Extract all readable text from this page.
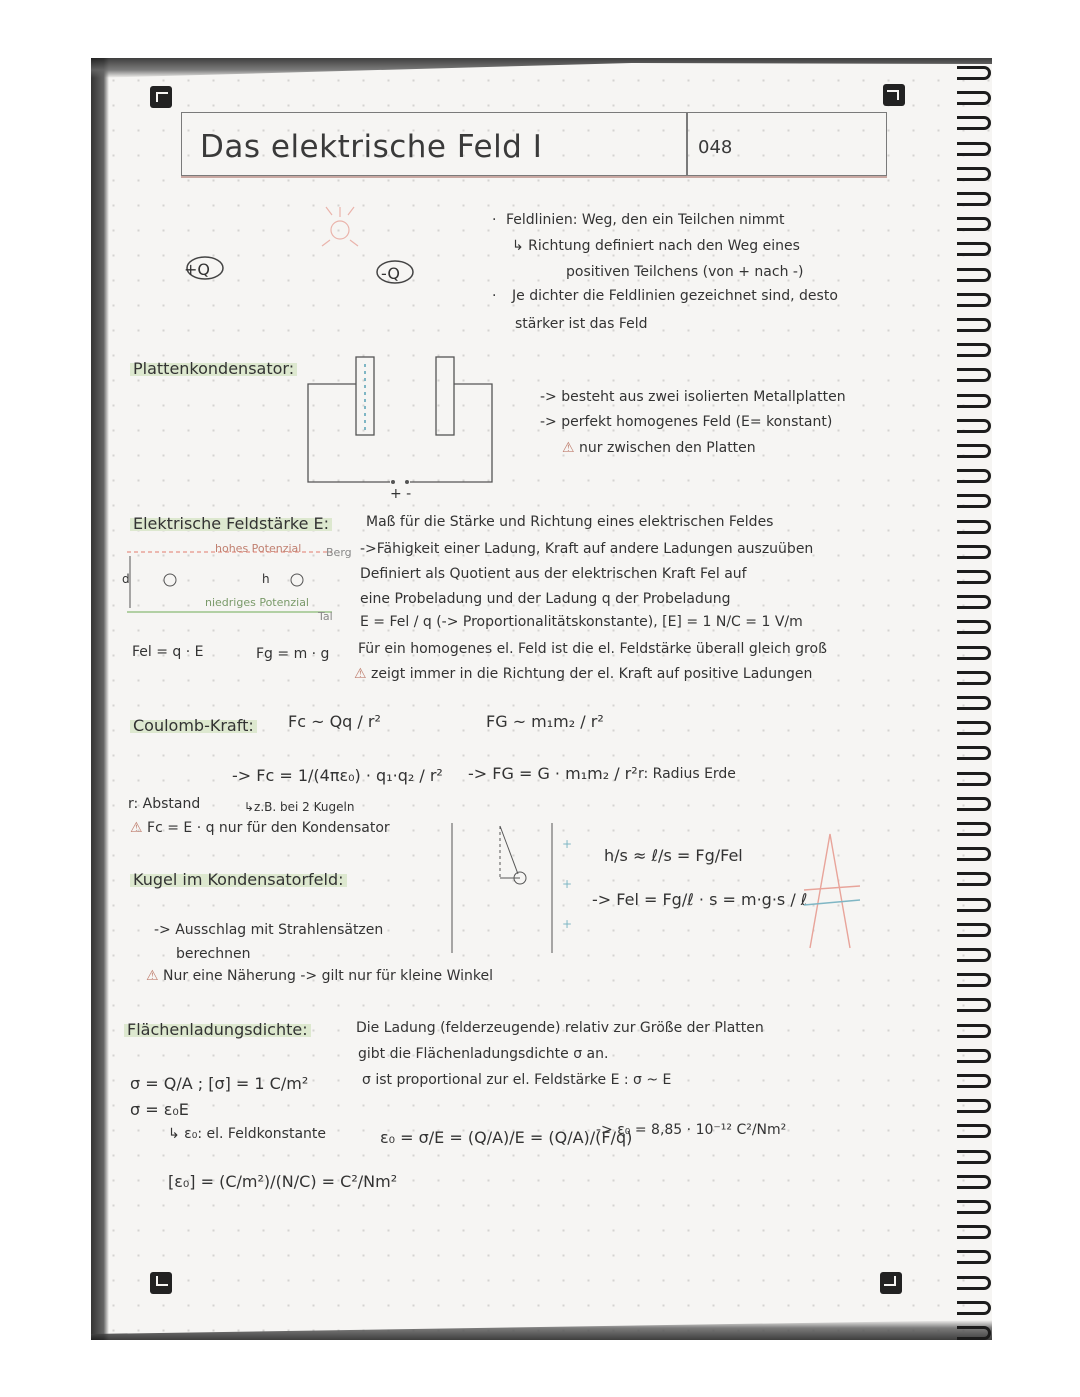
Das elektrische Feld I	048
+Q	-Q
· Feldlinien: Weg, den ein Teilchen nimmt
↳ Richtung definiert nach den Weg eines
positiven Teilchens (von + nach -)
· Je dichter die Feldlinien gezeichnet sind, desto
stärker ist das Feld
Plattenkondensator:
+ -
-> besteht aus zwei isolierten Metallplatten
-> perfekt homogenes Feld (E= konstant)
⚠ nur zwischen den Platten
Elektrische Feldstärke E:	Maß für die Stärke und Richtung eines elektrischen Feldes
->Fähigkeit einer Ladung, Kraft auf andere Ladungen auszuüben
Definiert als Quotient aus der elektrischen Kraft Fel auf
eine Probeladung und der Ladung q der Probeladung
E = Fel / q (-> Proportionalitätskonstante), [E] = 1 N/C = 1 V/m
Für ein homogenes el. Feld ist die el. Feldstärke überall gleich groß
⚠ zeigt immer in die Richtung der el. Kraft auf positive Ladungen
hohes Potenzial
niedriges Potenzial
Berg
Tal
d	h
Fel = q · E	Fg = m · g
Coulomb-Kraft: Fc ~ Qq / r²	FG ~ m₁m₂ / r²
-> Fc = 1/(4πε₀) · q₁·q₂ / r² -> FG = G · m₁m₂ / r²
r: Abstand	↳z.B. bei 2 Kugeln
⚠ Fc = E · q nur für den Kondensator
r: Radius Erde
Kugel im Kondensatorfeld:
-> Ausschlag mit Strahlensätzen
berechnen
⚠ Nur eine Näherung -> gilt nur für kleine Winkel
+
+
+
h/s ≈ ℓ/s = Fg/Fel
-> Fel = Fg/ℓ · s = m·g·s / ℓ
Flächenladungsdichte:	Die Ladung (felderzeugende) relativ zur Größe der Platten
gibt die Flächenladungsdichte σ an.
σ ist proportional zur el. Feldstärke E : σ ~ E
σ = Q/A ; [σ] = 1 C/m²
σ = ε₀E
↳ ε₀: el. Feldkonstante	ε₀ = σ/E = (Q/A)/E = (Q/A)/(F/q)
[ε₀] = (C/m²)/(N/C) = C²/Nm²
-> ε₀ = 8,85 · 10⁻¹² C²/Nm²
